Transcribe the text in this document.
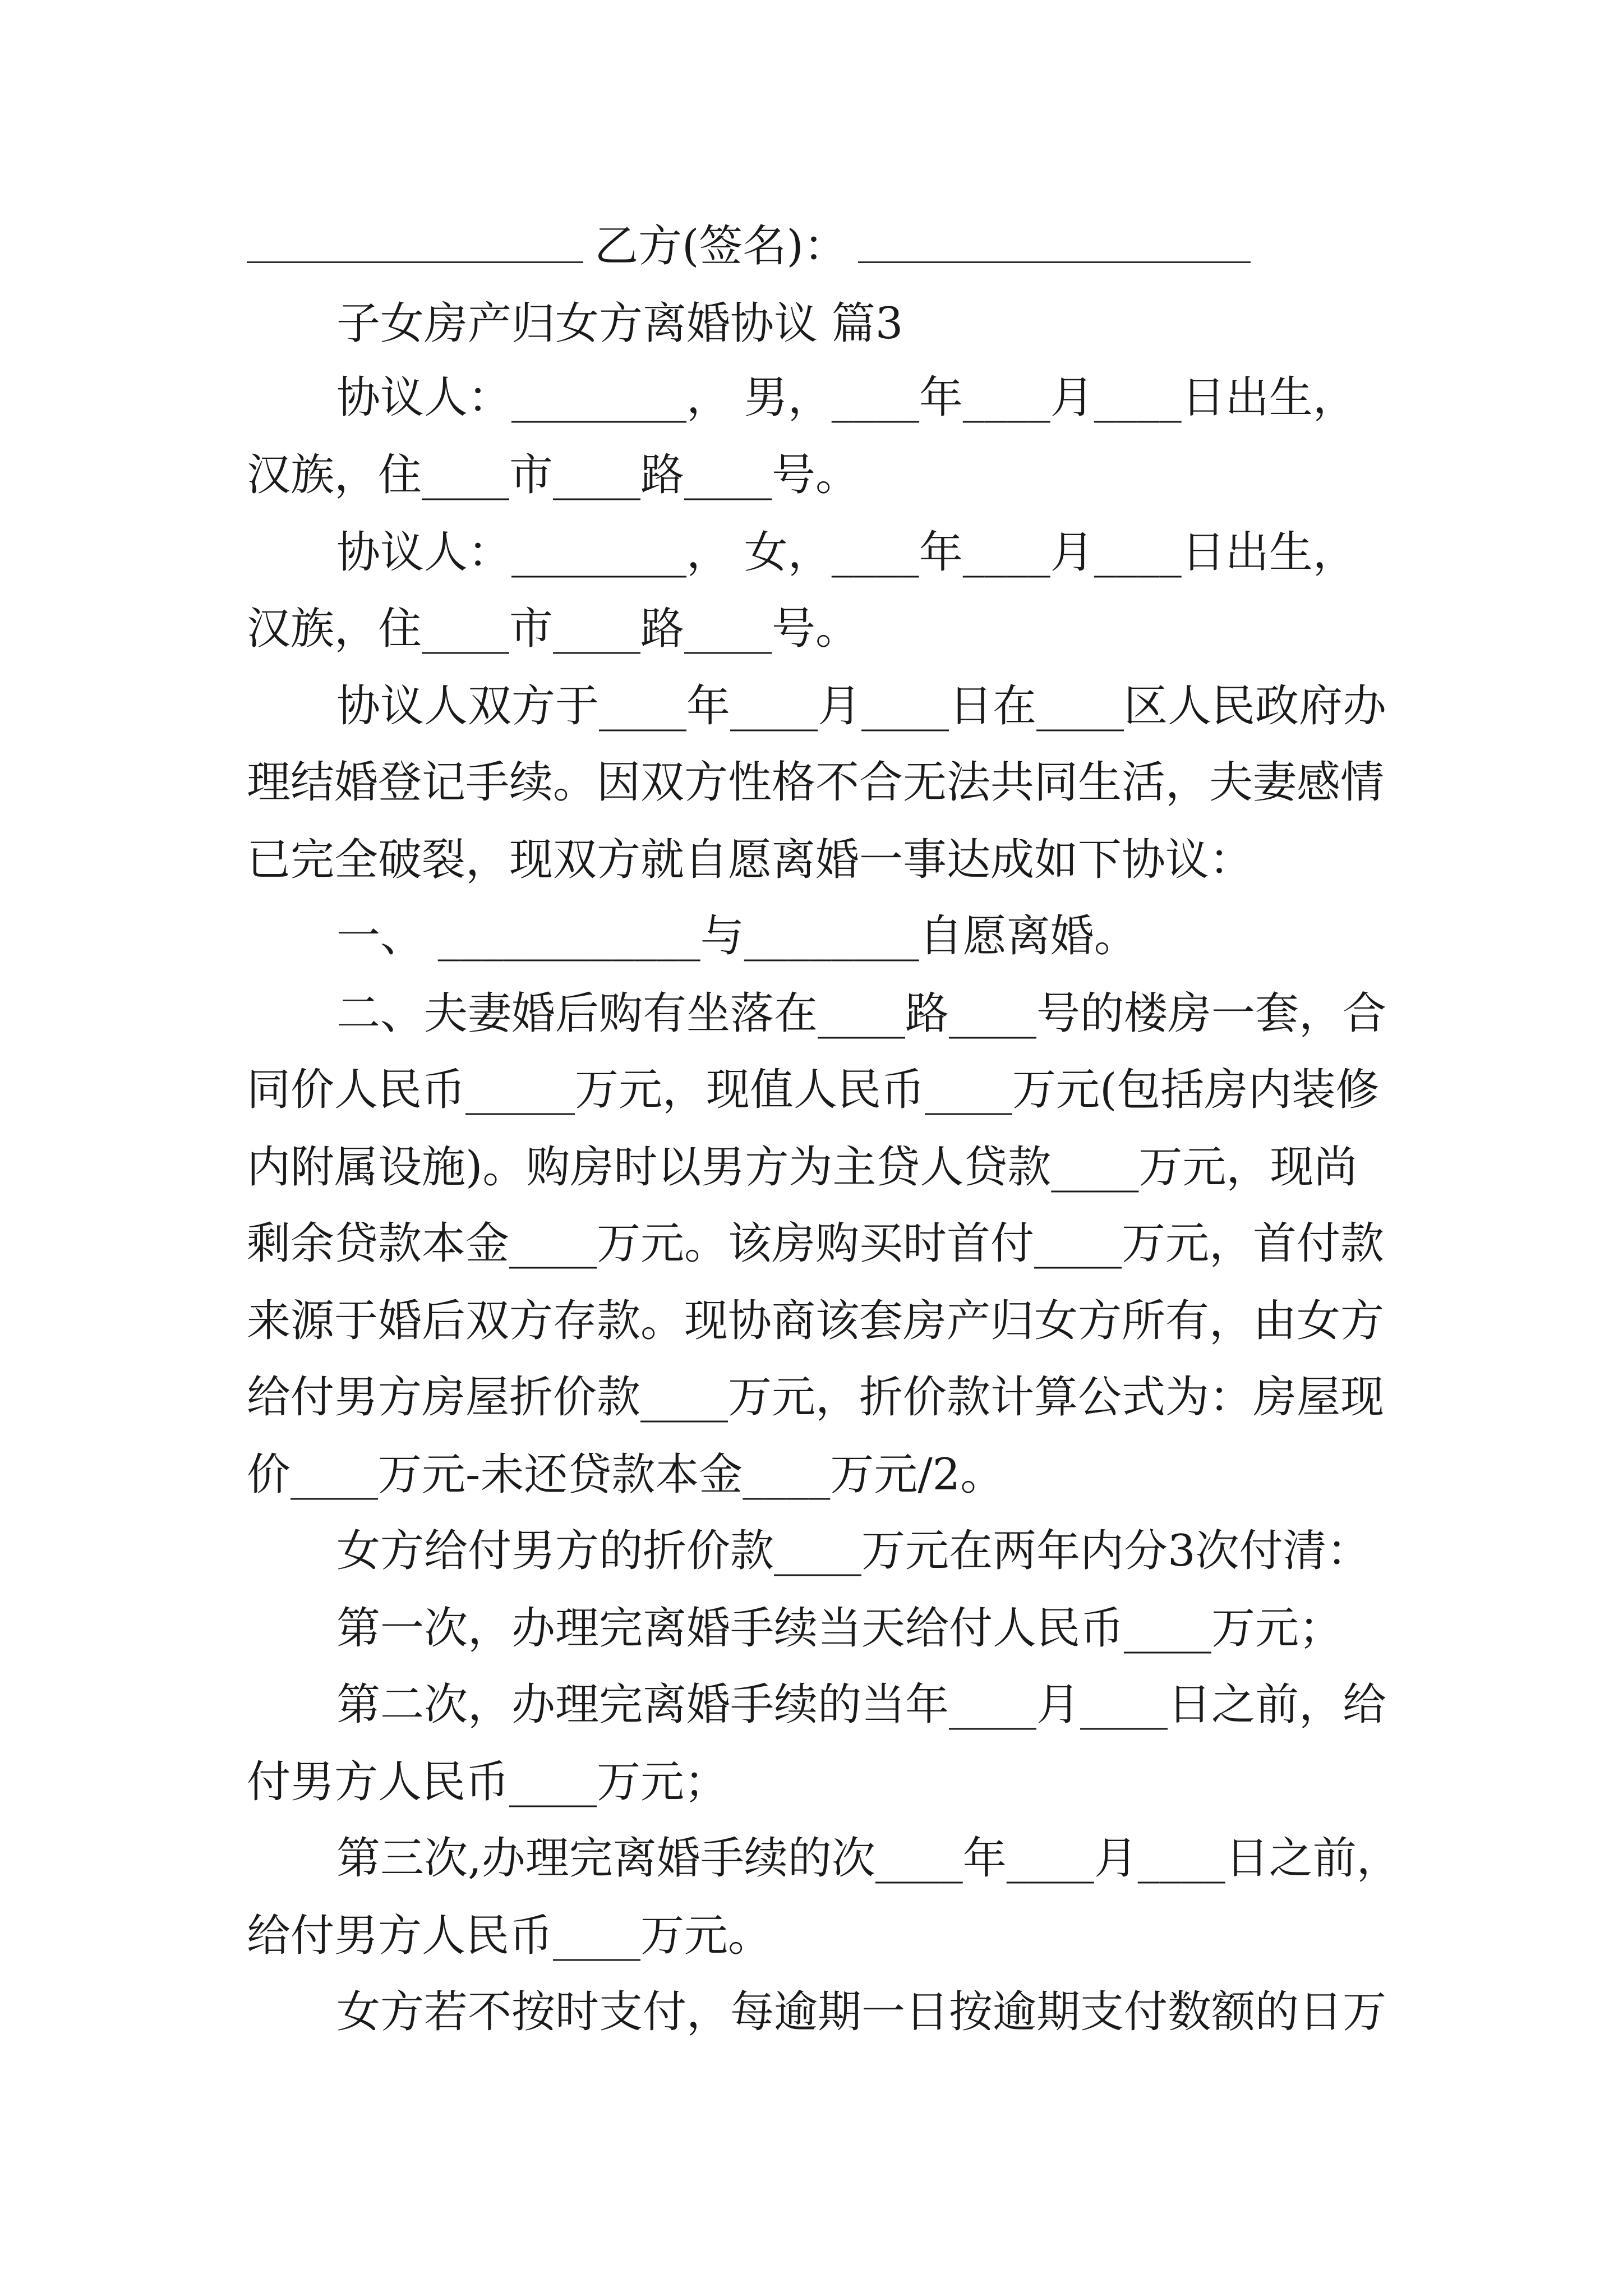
乙方(签名)：

子女房产归女方离婚协议 篇3

协议人：________， 男，____年____月____日出生，

汉族，住____市____路____号。

协议人：________， 女，____年____月____日出生，

汉族，住____市____路____号。

协议人双方于____年____月____日在____区人民政府办

理结婚登记手续。因双方性格不合无法共同生活，夫妻感情

已完全破裂，现双方就自愿离婚一事达成如下协议：

一、 ____________与________自愿离婚。

二、夫妻婚后购有坐落在____路____号的楼房一套，合

同价人民币_____万元，现值人民币____万元(包括房内装修

内附属设施)。购房时以男方为主贷人贷款____万元，现尚

剩余贷款本金____万元。该房购买时首付____万元，首付款

来源于婚后双方存款。现协商该套房产归女方所有，由女方

给付男方房屋折价款____万元，折价款计算公式为：房屋现

价____万元-未还贷款本金____万元/2。

女方给付男方的折价款____万元在两年内分3次付清：

第一次，办理完离婚手续当天给付人民币____万元；

第二次，办理完离婚手续的当年____月____日之前，给

付男方人民币____万元；

第三次,办理完离婚手续的次____年____月____日之前，

给付男方人民币____万元。

女方若不按时支付，每逾期一日按逾期支付数额的日万
